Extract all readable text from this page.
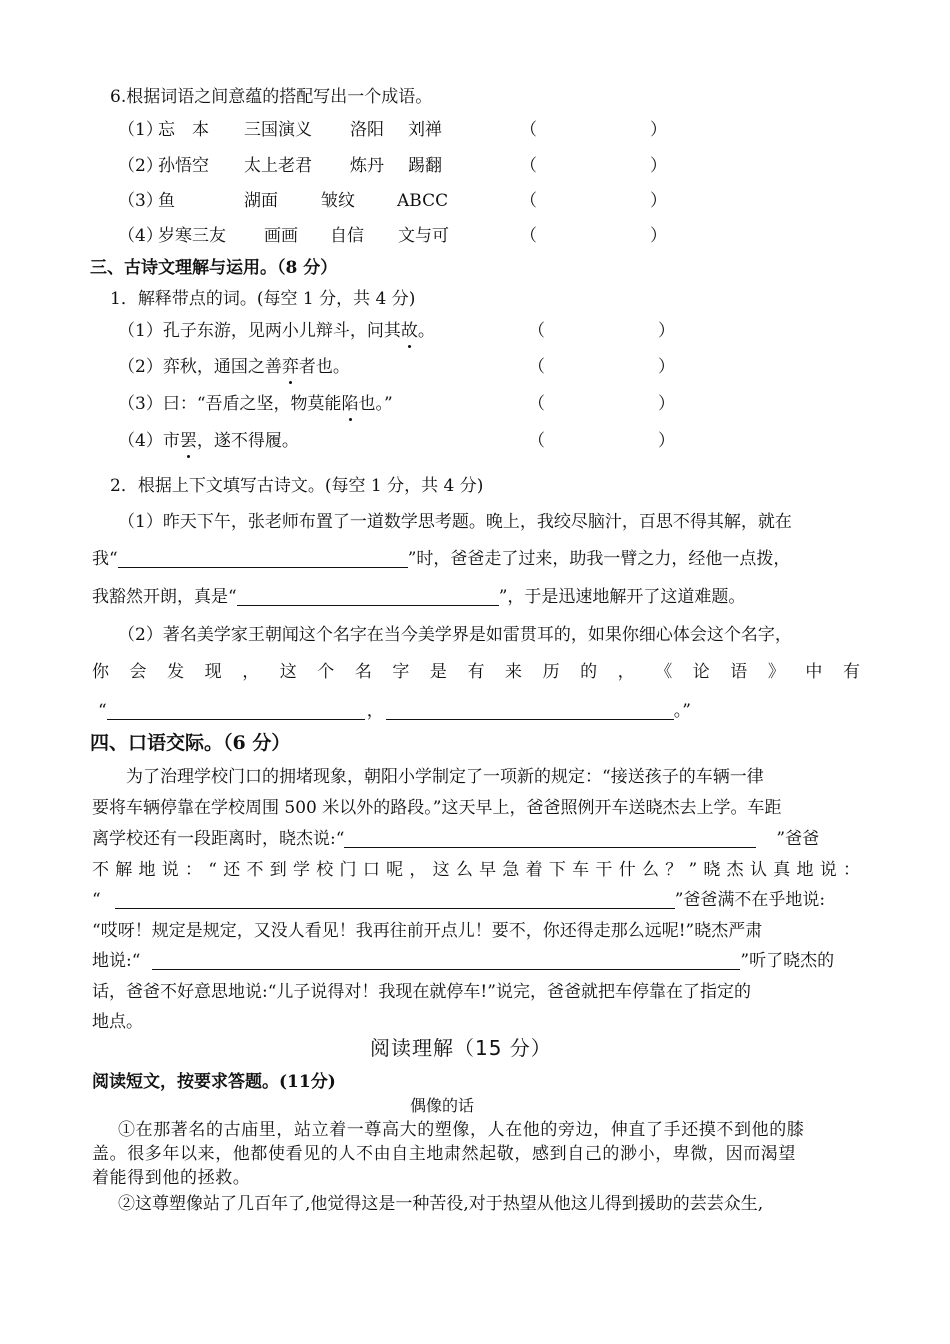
6.根据词语之间意蕴的搭配写出一个成语。
（1）
忘　本 三国演义 洛阳 刘禅	（	）
（2）
孙悟空 太上老君 炼丹 踢翻	（	）
（3）
鱼	湖面	皱纹 ABCC	（	）
（4）
岁寒三友 画画 自信 文与可	（	）
三、古诗文理解与运用。（8 分）
1．解释带点的词。(每空 1 分，共 4 分)
（1）孔子东游，见两小儿辩斗，问其故。	（	）
（2）弈秋，通国之善弈者也。	（	）
（3）曰：“吾盾之坚，物莫能陷也。”	（	）
（4）市罢，遂不得履。	（	）
2．根据上下文填写古诗文。(每空 1 分，共 4 分)
（1）昨天下午，张老师布置了一道数学思考题。晚上，我绞尽脑汁，百思不得其解，就在
我“	”时，爸爸走了过来，助我一臂之力，经他一点拨，
我豁然开朗，真是“	”，于是迅速地解开了这道难题。
（2）著名美学家王朝闻这个名字在当今美学界是如雷贯耳的，如果你细心体会这个名字，
你 会 发 现 ， 这 个 名 字 是 有 来 历 的 ， 《 论 语 》 中 有
“	，	。”
四、口语交际。（6 分）
为了治理学校门口的拥堵现象，朝阳小学制定了一项新的规定：“接送孩子的车辆一律
要将车辆停靠在学校周围 500 米以外的路段。”这天早上，爸爸照例开车送晓杰去上学。车距
离学校还有一段距离时，晓杰说:“	”爸爸
不解地说：“还不到学校门口呢，这么早急着下车干什么？”晓杰认真地说：
“	”爸爸满不在乎地说:
“哎呀！规定是规定，又没人看见！我再往前开点儿！要不，你还得走那么远呢!”晓杰严肃
地说:“	”听了晓杰的
话，爸爸不好意思地说:“儿子说得对！我现在就停车!”说完，爸爸就把车停靠在了指定的
地点。
阅读理解（15 分）
阅读短文，按要求答题。(11分)
偶像的话
①在那著名的古庙里，站立着一尊高大的塑像，人在他的旁边，伸直了手还摸不到他的膝
盖。很多年以来，他都使看见的人不由自主地肃然起敬，感到自己的渺小，卑微，因而渴望
着能得到他的拯救。
②这尊塑像站了几百年了,他觉得这是一种苦役,对于热望从他这儿得到援助的芸芸众生,
